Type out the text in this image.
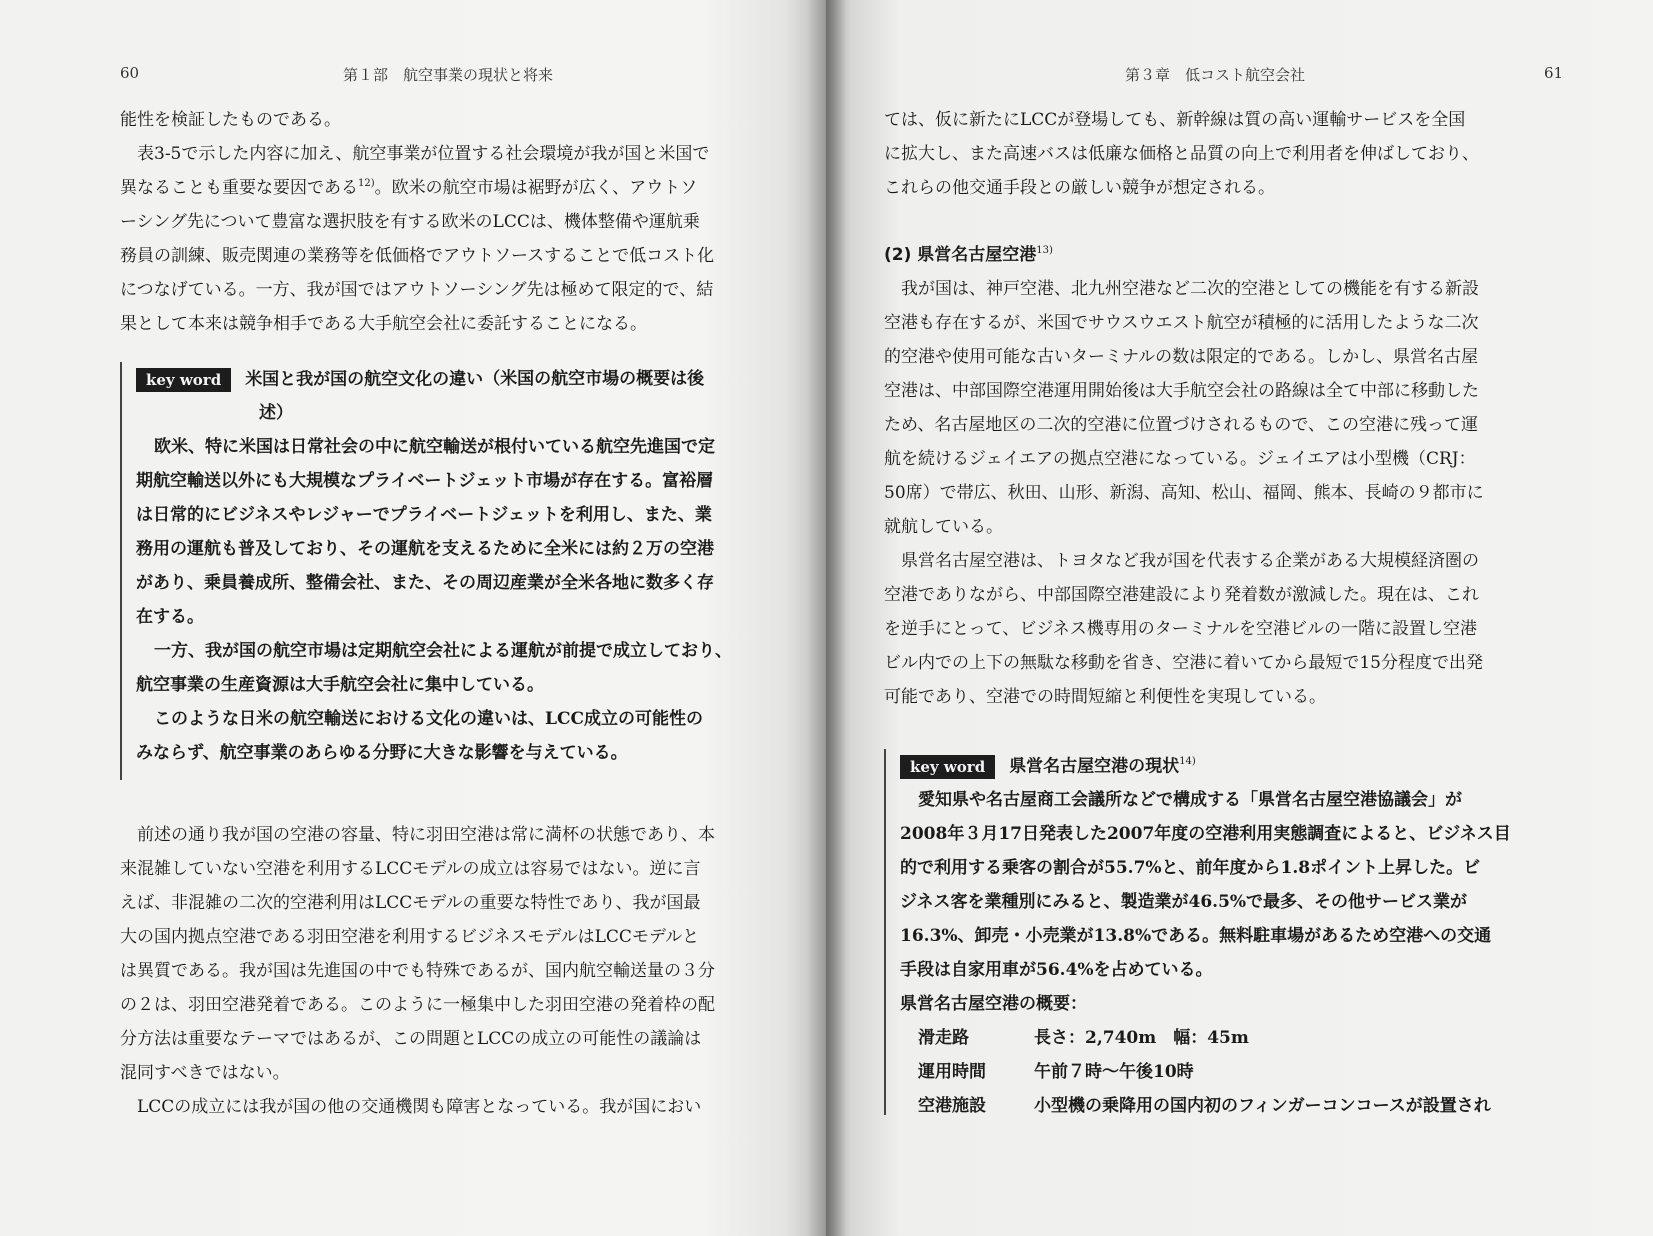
60	第１部　航空事業の現状と将来
能性を検証したものである。
表3-5で示した内容に加え、航空事業が位置する社会環境が我が国と米国で
異なることも重要な要因である$^{12)}$。欧米の航空市場は裾野が広く、アウトソ
ーシング先について豊富な選択肢を有する欧米のLCCは、機体整備や運航乗
務員の訓練、販売関連の業務等を低価格でアウトソースすることで低コスト化
につなげている。一方、我が国ではアウトソーシング先は極めて限定的で、結
果として本来は競争相手である大手航空会社に委託することになる。
key word 米国と我が国の航空文化の違い（米国の航空市場の概要は後
述）
欧米、特に米国は日常社会の中に航空輸送が根付いている航空先進国で定
期航空輸送以外にも大規模なプライベートジェット市場が存在する。富裕層
は日常的にビジネスやレジャーでプライベートジェットを利用し、また、業
務用の運航も普及しており、その運航を支えるために全米には約２万の空港
があり、乗員養成所、整備会社、また、その周辺産業が全米各地に数多く存
在する。
一方、我が国の航空市場は定期航空会社による運航が前提で成立しており、
航空事業の生産資源は大手航空会社に集中している。
このような日米の航空輸送における文化の違いは、LCC成立の可能性の
みならず、航空事業のあらゆる分野に大きな影響を与えている。
前述の通り我が国の空港の容量、特に羽田空港は常に満杯の状態であり、本
来混雑していない空港を利用するLCCモデルの成立は容易ではない。逆に言
えば、非混雑の二次的空港利用はLCCモデルの重要な特性であり、我が国最
大の国内拠点空港である羽田空港を利用するビジネスモデルはLCCモデルと
は異質である。我が国は先進国の中でも特殊であるが、国内航空輸送量の３分
の２は、羽田空港発着である。このように一極集中した羽田空港の発着枠の配
分方法は重要なテーマではあるが、この問題とLCCの成立の可能性の議論は
混同すべきではない。
LCCの成立には我が国の他の交通機関も障害となっている。我が国におい
第３章　低コスト航空会社	61
ては、仮に新たにLCCが登場しても、新幹線は質の高い運輸サービスを全国
に拡大し、また高速バスは低廉な価格と品質の向上で利用者を伸ばしており、
これらの他交通手段との厳しい競争が想定される。
(2) 県営名古屋空港$^{13)}$
我が国は、神戸空港、北九州空港など二次的空港としての機能を有する新設
空港も存在するが、米国でサウスウエスト航空が積極的に活用したような二次
的空港や使用可能な古いターミナルの数は限定的である。しかし、県営名古屋
空港は、中部国際空港運用開始後は大手航空会社の路線は全て中部に移動した
ため、名古屋地区の二次的空港に位置づけされるもので、この空港に残って運
航を続けるジェイエアの拠点空港になっている。ジェイエアは小型機（CRJ：
50席）で帯広、秋田、山形、新潟、高知、松山、福岡、熊本、長崎の９都市に
就航している。
県営名古屋空港は、トヨタなど我が国を代表する企業がある大規模経済圏の
空港でありながら、中部国際空港建設により発着数が激減した。現在は、これ
を逆手にとって、ビジネス機専用のターミナルを空港ビルの一階に設置し空港
ビル内での上下の無駄な移動を省き、空港に着いてから最短で15分程度で出発
可能であり、空港での時間短縮と利便性を実現している。
key word 県営名古屋空港の現状$^{14)}$
愛知県や名古屋商工会議所などで構成する「県営名古屋空港協議会」が
2008年３月17日発表した2007年度の空港利用実態調査によると、ビジネス目
的で利用する乗客の割合が55.7%と、前年度から1.8ポイント上昇した。ビ
ジネス客を業種別にみると、製造業が46.5%で最多、その他サービス業が
16.3%、卸売・小売業が13.8%である。無料駐車場があるため空港への交通
手段は自家用車が56.4%を占めている。
県営名古屋空港の概要：
滑走路	長さ：2,740m　幅：45m
運用時間	午前７時～午後10時
空港施設	小型機の乗降用の国内初のフィンガーコンコースが設置され
